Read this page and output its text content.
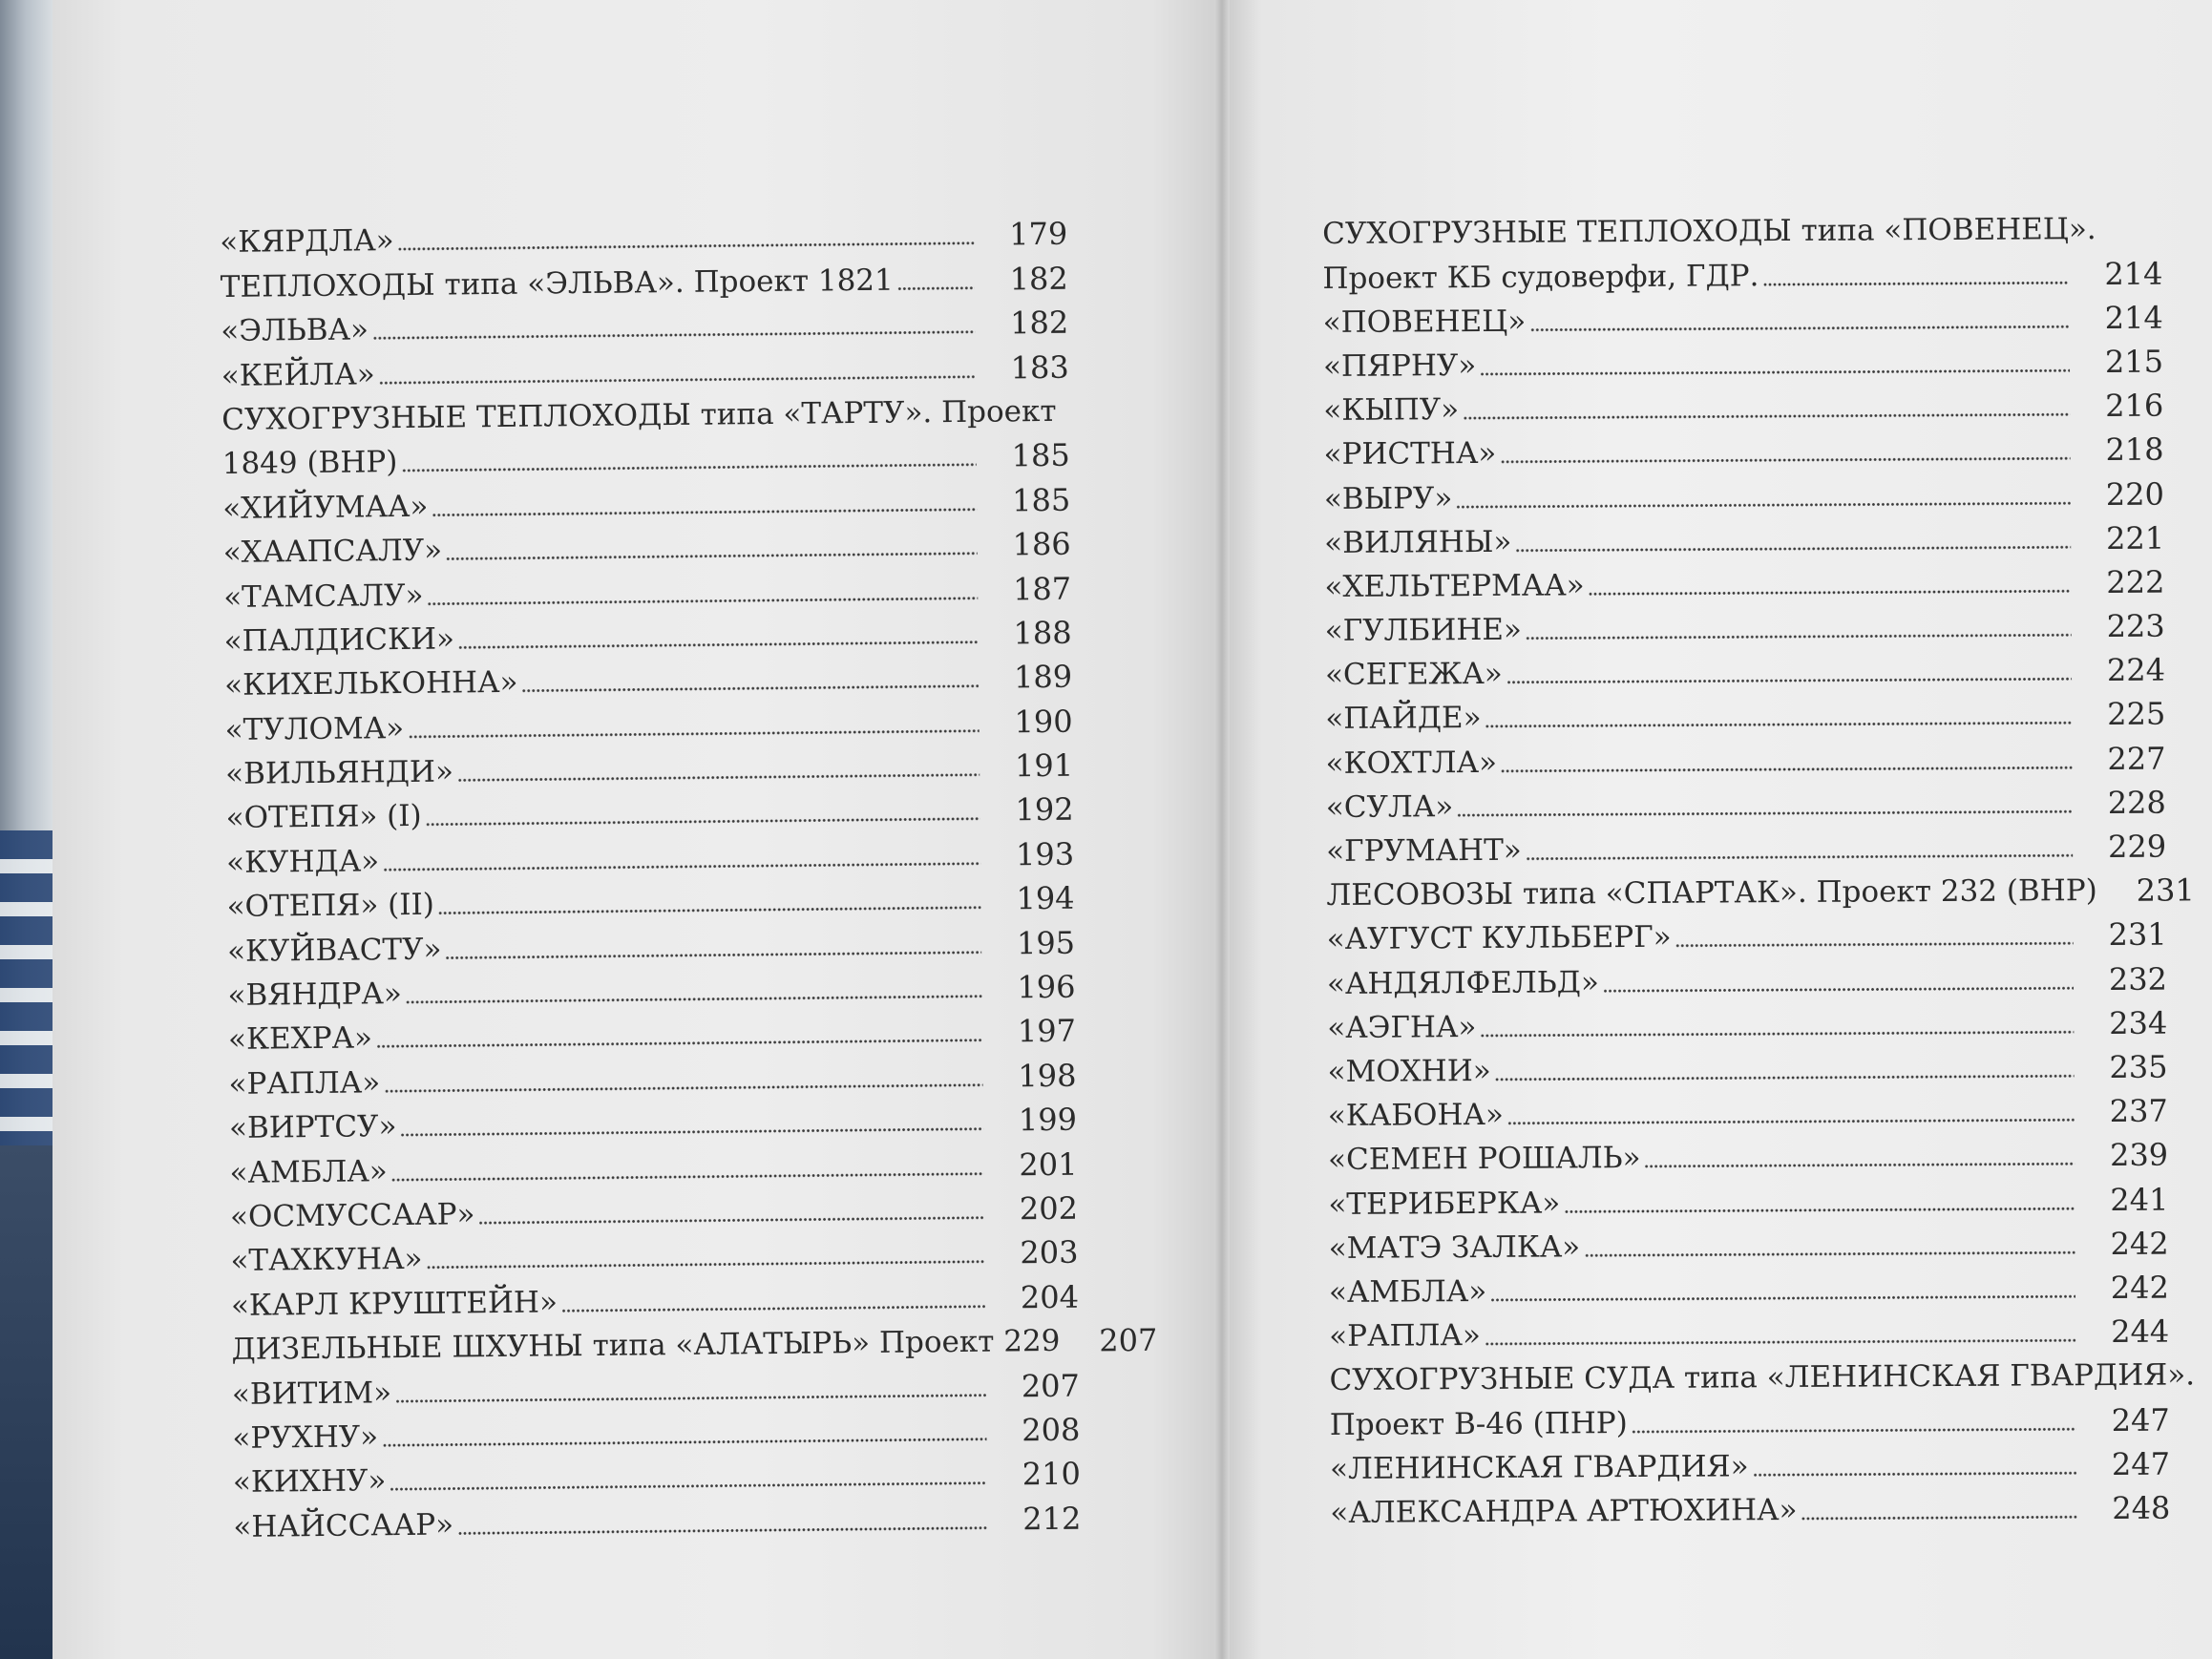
«КЯРДЛА»	179
ТЕПЛОХОДЫ типа «ЭЛЬВА». Проект 1821	182
«ЭЛЬВА»	182
«КЕЙЛА»	183
СУХОГРУЗНЫЕ ТЕПЛОХОДЫ типа «ТАРТУ». Проект
1849 (ВНР)	185
«ХИЙУМАА»	185
«ХААПСАЛУ»	186
«ТАМСАЛУ»	187
«ПАЛДИСКИ»	188
«КИХЕЛЬКОННА»	189
«ТУЛОМА»	190
«ВИЛЬЯНДИ»	191
«ОТЕПЯ» (I)	192
«КУНДА»	193
«ОТЕПЯ» (II)	194
«КУЙВАСТУ»	195
«ВЯНДРА»	196
«КЕХРА»	197
«РАПЛА»	198
«ВИРТСУ»	199
«АМБЛА»	201
«ОСМУССААР»	202
«ТАХКУНА»	203
«КАРЛ КРУШТЕЙН»	204
ДИЗЕЛЬНЫЕ ШХУНЫ типа «АЛАТЫРЬ» Проект 229	207
«ВИТИМ»	207
«РУХНУ»	208
«КИХНУ»	210
«НАЙССААР»	212
СУХОГРУЗНЫЕ ТЕПЛОХОДЫ типа «ПОВЕНЕЦ».
Проект КБ судоверфи, ГДР.	214
«ПОВЕНЕЦ»	214
«ПЯРНУ»	215
«КЫПУ»	216
«РИСТНА»	218
«ВЫРУ»	220
«ВИЛЯНЫ»	221
«ХЕЛЬТЕРМАА»	222
«ГУЛБИНЕ»	223
«СЕГЕЖА»	224
«ПАЙДЕ»	225
«КОХТЛА»	227
«СУЛА»	228
«ГРУМАНТ»	229
ЛЕСОВОЗЫ типа «СПАРТАК». Проект 232 (ВНР)	231
«АУГУСТ КУЛЬБЕРГ»	231
«АНДЯЛФЕЛЬД»	232
«АЭГНА»	234
«МОХНИ»	235
«КАБОНА»	237
«СЕМЕН РОШАЛЬ»	239
«ТЕРИБЕРКА»	241
«МАТЭ ЗАЛКА»	242
«АМБЛА»	242
«РАПЛА»	244
СУХОГРУЗНЫЕ СУДА типа «ЛЕНИНСКАЯ ГВАРДИЯ».
Проект В-46 (ПНР)	247
«ЛЕНИНСКАЯ ГВАРДИЯ»	247
«АЛЕКСАНДРА АРТЮХИНА»	248
